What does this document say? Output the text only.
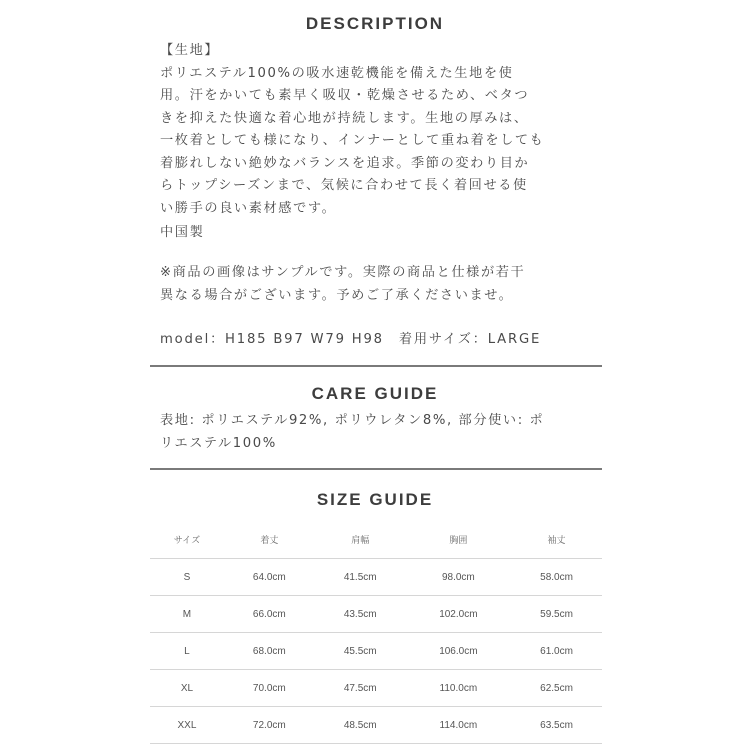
DESCRIPTION
【生地】
ポリエステル100%の吸水速乾機能を備えた生地を使
用。汗をかいても素早く吸収・乾燥させるため、ベタつ
きを抑えた快適な着心地が持続します。生地の厚みは、
一枚着としても様になり、インナーとして重ね着をしても
着膨れしない絶妙なバランスを追求。季節の変わり目か
らトップシーズンまで、気候に合わせて長く着回せる使
い勝手の良い素材感です。
中国製
※商品の画像はサンプルです。実際の商品と仕様が若干
異なる場合がございます。予めご了承くださいませ。
model：H185 B97 W79 H98　着用サイズ：LARGE
CARE GUIDE
表地: ポリエステル92%, ポリウレタン8%, 部分使い: ポ
リエステル100%
SIZE GUIDE
サイズ	着丈	肩幅	胸囲	袖丈
S	64.0cm	41.5cm	98.0cm	58.0cm
M	66.0cm	43.5cm	102.0cm	59.5cm
L	68.0cm	45.5cm	106.0cm	61.0cm
XL	70.0cm	47.5cm	110.0cm	62.5cm
XXL	72.0cm	48.5cm	114.0cm	63.5cm
